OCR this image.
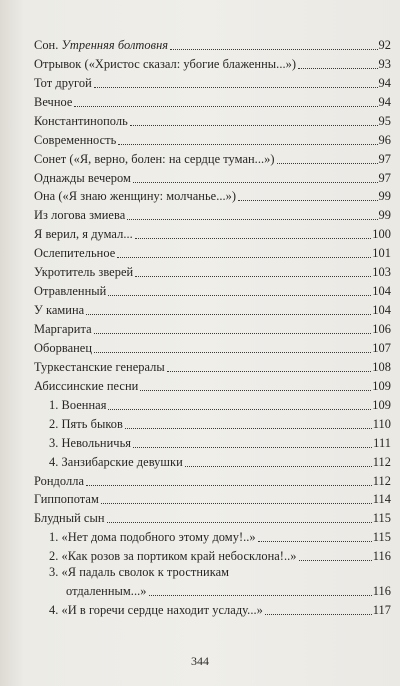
Сон. Утренняя болтовня	92
Отрывок («Христос сказал: убогие блаженны...»)	93
Тот другой	94
Вечное	94
Константинополь	95
Современность	96
Сонет («Я, верно, болен: на сердце туман...»)	97
Однажды вечером	97
Она («Я знаю женщину: молчанье...»)	99
Из логова змиева	99
Я верил, я думал...	100
Ослепительное	101
Укротитель зверей	103
Отравленный	104
У камина	104
Маргарита	106
Оборванец	107
Туркестанские генералы	108
Абиссинские песни	109
1. Военная	109
2. Пять быков	110
3. Невольничья	111
4. Занзибарские девушки	112
Рондолла	112
Гиппопотам	114
Блудный сын	115
1. «Нет дома подобного этому дому!..»	115
2. «Как розов за портиком край небосклона!..»	116
3. «Я падаль сволок к тростникам
отдаленным...»	116
4. «И в горечи сердце находит усладу...»	117
344
